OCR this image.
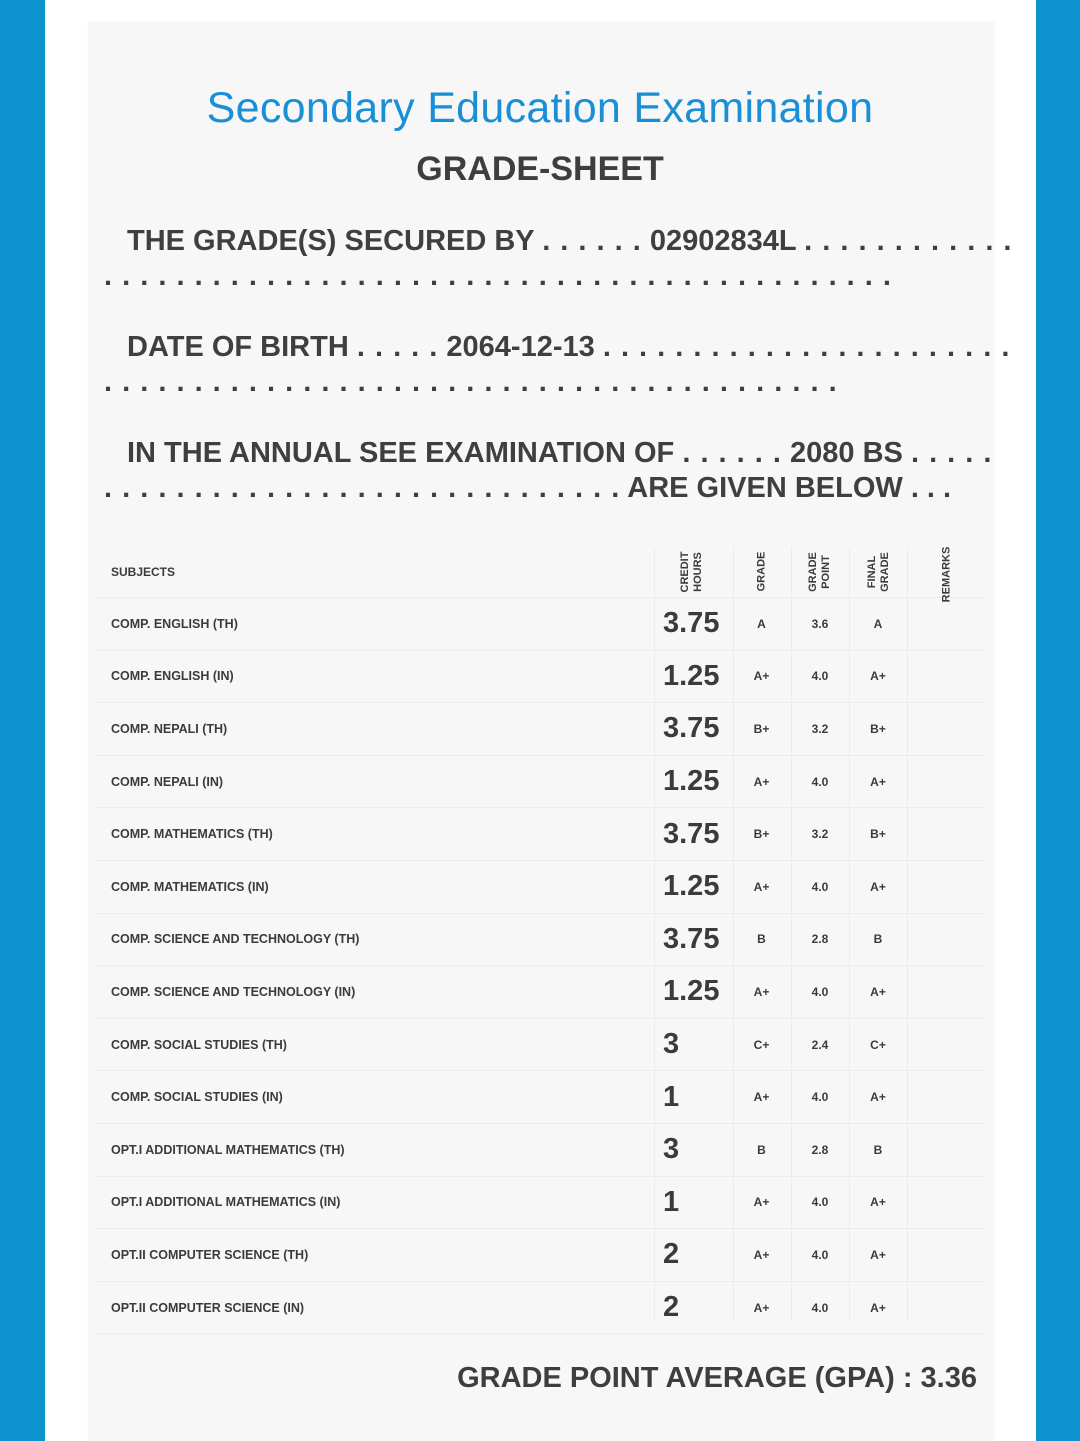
Secondary Education Examination
GRADE-SHEET
THE GRADE(S) SECURED BY . . . . . . 02902834L . . . . . . . . . . . .
. . . . . . . . . . . . . . . . . . . . . . . . . . . . . . . . . . . . . . . . . . . .
DATE OF BIRTH . . . . . 2064-12-13 . . . . . . . . . . . . . . . . . . . . . . .
. . . . . . . . . . . . . . . . . . . . . . . . . . . . . . . . . . . . . . . . .
IN THE ANNUAL SEE EXAMINATION OF . . . . . . 2080 BS . . . . .
. . . . . . . . . . . . . . . . . . . . . . . . . . . . . ARE GIVEN BELOW . . .
SUBJECTS	CREDIT HOURS	GRADE	GRADE POINT	FINAL GRADE	REMARKS
COMP. ENGLISH (TH)	3.75	A	3.6	A
COMP. ENGLISH (IN)	1.25	A+	4.0	A+
COMP. NEPALI (TH)	3.75	B+	3.2	B+
COMP. NEPALI (IN)	1.25	A+	4.0	A+
COMP. MATHEMATICS (TH)	3.75	B+	3.2	B+
COMP. MATHEMATICS (IN)	1.25	A+	4.0	A+
COMP. SCIENCE AND TECHNOLOGY (TH)	3.75	B	2.8	B
COMP. SCIENCE AND TECHNOLOGY (IN)	1.25	A+	4.0	A+
COMP. SOCIAL STUDIES (TH)	3	C+	2.4	C+
COMP. SOCIAL STUDIES (IN)	1	A+	4.0	A+
OPT.I ADDITIONAL MATHEMATICS (TH)	3	B	2.8	B
OPT.I ADDITIONAL MATHEMATICS (IN)	1	A+	4.0	A+
OPT.II COMPUTER SCIENCE (TH)	2	A+	4.0	A+
OPT.II COMPUTER SCIENCE (IN)	2	A+	4.0	A+
GRADE POINT AVERAGE (GPA) : 3.36
